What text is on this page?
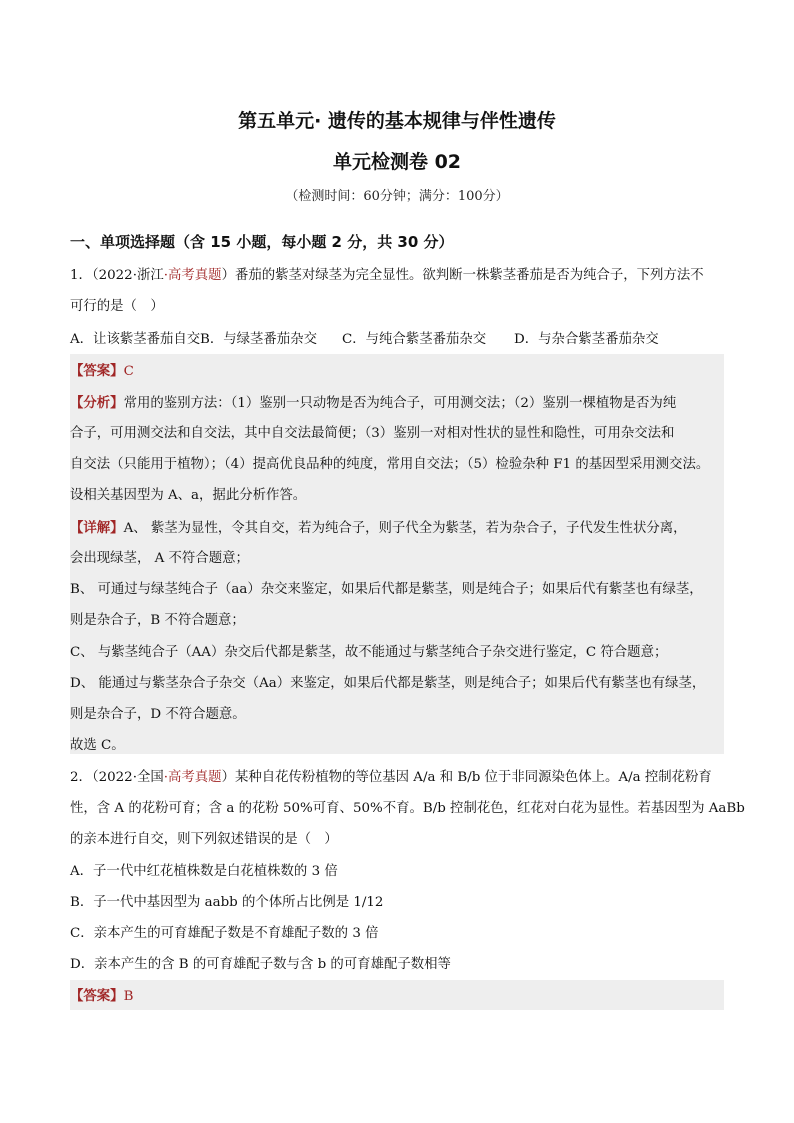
第五单元· 遗传的基本规律与伴性遗传
单元检测卷 02
（检测时间：60分钟；满分：100分）
一、单项选择题（含 15 小题，每小题 2 分，共 30 分）
1．（2022·浙江·高考真题）番茄的紫茎对绿茎为完全显性。欲判断一株紫茎番茄是否为纯合子，下列方法不
可行的是（　）
A．让该紫茎番茄自交B．与绿茎番茄杂交 C．与纯合紫茎番茄杂交 D．与杂合紫茎番茄杂交
【答案】C
【分析】常用的鉴别方法：（1）鉴别一只动物是否为纯合子，可用测交法；（2）鉴别一棵植物是否为纯
合子，可用测交法和自交法，其中自交法最简便；（3）鉴别一对相对性状的显性和隐性，可用杂交法和
自交法（只能用于植物）；（4）提高优良品种的纯度，常用自交法；（5）检验杂种 F1 的基因型采用测交法。
设相关基因型为 A、a，据此分析作答。
【详解】A、 紫茎为显性，令其自交，若为纯合子，则子代全为紫茎，若为杂合子，子代发生性状分离，
会出现绿茎， A 不符合题意；
B、 可通过与绿茎纯合子（aa）杂交来鉴定，如果后代都是紫茎，则是纯合子；如果后代有紫茎也有绿茎，
则是杂合子，B 不符合题意；
C、 与紫茎纯合子（AA）杂交后代都是紫茎，故不能通过与紫茎纯合子杂交进行鉴定，C 符合题意；
D、 能通过与紫茎杂合子杂交（Aa）来鉴定，如果后代都是紫茎，则是纯合子；如果后代有紫茎也有绿茎，
则是杂合子，D 不符合题意。
故选 C。
2．（2022·全国·高考真题）某种自花传粉植物的等位基因 A/a 和 B/b 位于非同源染色体上。A/a 控制花粉育
性，含 A 的花粉可育；含 a 的花粉 50%可育、50%不育。B/b 控制花色，红花对白花为显性。若基因型为 AaBb
的亲本进行自交，则下列叙述错误的是（　）
A．子一代中红花植株数是白花植株数的 3 倍
B．子一代中基因型为 aabb 的个体所占比例是 1/12
C．亲本产生的可育雄配子数是不育雄配子数的 3 倍
D．亲本产生的含 B 的可育雄配子数与含 b 的可育雄配子数相等
【答案】B
